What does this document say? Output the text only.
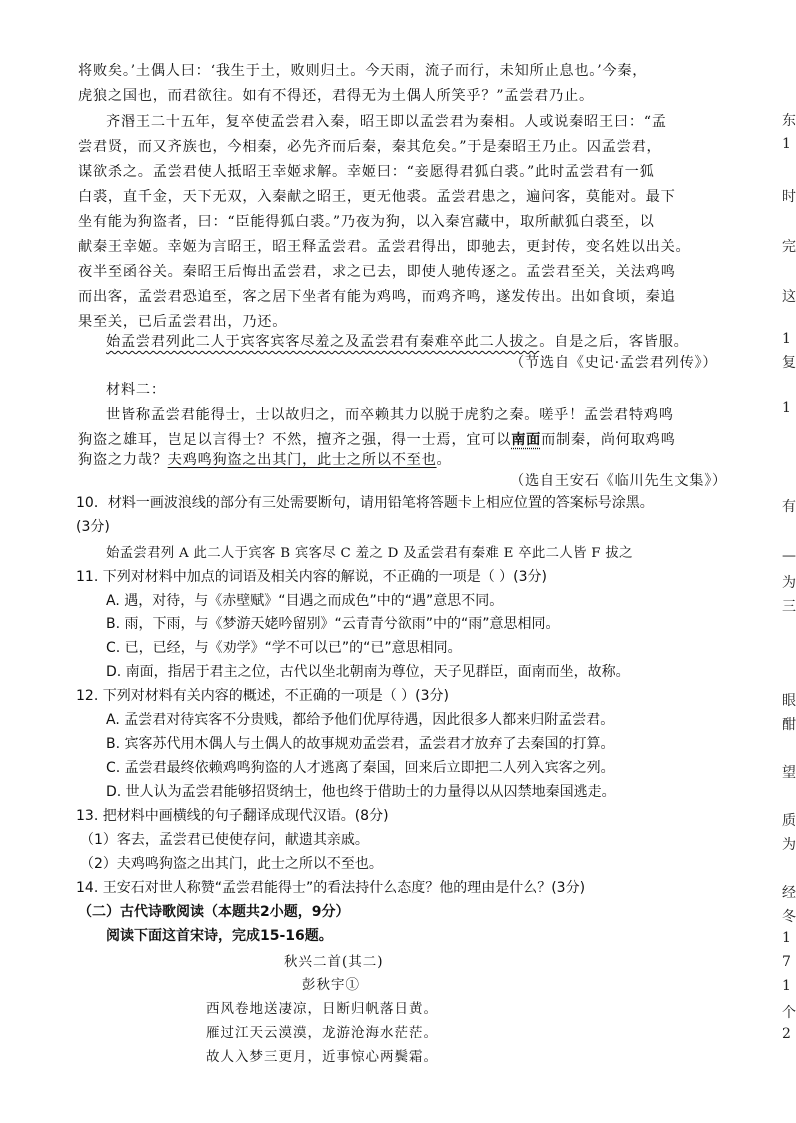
将败矣。’土偶人曰：‘我生于土，败则归土。今天雨，流子而行，未知所止息也。’今秦，
虎狼之国也，而君欲往。如有不得还，君得无为土偶人所笑乎？”孟尝君乃止。
齐湣王二十五年，复卒使孟尝君入秦，昭王即以孟尝君为秦相。人或说秦昭王曰：“孟
尝君贤，而又齐族也，今相秦，必先齐而后秦，秦其危矣。”于是秦昭王乃止。囚孟尝君，
谋欲杀之。孟尝君使人抵昭王幸姬求解。幸姬曰：“妾愿得君狐白裘。”此时孟尝君有一狐
白裘，直千金，天下无双，入秦献之昭王，更无他裘。孟尝君患之，遍问客，莫能对。最下
坐有能为狗盗者，曰：“臣能得狐白裘。”乃夜为狗，以入秦宫藏中，取所献狐白裘至，以
献秦王幸姬。幸姬为言昭王，昭王释孟尝君。孟尝君得出，即驰去，更封传，变名姓以出关。
夜半至函谷关。秦昭王后悔出孟尝君，求之已去，即使人驰传逐之。孟尝君至关，关法鸡鸣
而出客，孟尝君恐追至，客之居下坐者有能为鸡鸣，而鸡齐鸣，遂发传出。出如食顷，秦追
果至关，已后孟尝君出，乃还。
始孟尝君列此二人于宾客宾客尽羞之及孟尝君有秦难卒此二人拔之。自是之后，客皆服。
（节选自《史记·孟尝君列传》）
材料二：
世皆称孟尝君能得士，士以故归之，而卒赖其力以脱于虎豹之秦。嗟乎！孟尝君特鸡鸣
狗盗之雄耳，岂足以言得士？不然，擅齐之强，得一士焉，宜可以南面而制秦，尚何取鸡鸣
狗盗之力哉？夫鸡鸣狗盗之出其门，此士之所以不至也。
（选自王安石《临川先生文集》）
10．材料一画波浪线的部分有三处需要断句，请用铅笔将答题卡上相应位置的答案标号涂黑。
(3分)
始孟尝君列 A 此二人于宾客 B 宾客尽 C 羞之 D 及孟尝君有秦难 E 卒此二人皆 F 拔之
11. 下列对材料中加点的词语及相关内容的解说，不正确的一项是（ ）(3分)
A. 遇，对待，与《赤壁赋》“目遇之而成色”中的“遇”意思不同。
B. 雨，下雨，与《梦游天姥吟留别》“云青青兮欲雨”中的“雨”意思相同。
C. 已，已经，与《劝学》“学不可以已”的“已”意思相同。
D. 南面，指居于君主之位，古代以坐北朝南为尊位，天子见群臣，面南而坐，故称。
12. 下列对材料有关内容的概述，不正确的一项是（ ）(3分)
A. 孟尝君对待宾客不分贵贱，都给予他们优厚待遇，因此很多人都来归附孟尝君。
B. 宾客苏代用木偶人与土偶人的故事规劝孟尝君，孟尝君才放弃了去秦国的打算。
C. 孟尝君最终依赖鸡鸣狗盗的人才逃离了秦国，回来后立即把二人列入宾客之列。
D. 世人认为孟尝君能够招贤纳士，他也终于借助士的力量得以从囚禁地秦国逃走。
13. 把材料中画横线的句子翻译成现代汉语。(8分)
（1）客去，孟尝君已使使存问，献遗其亲戚。
（2）夫鸡鸣狗盗之出其门，此士之所以不至也。
14. 王安石对世人称赞“孟尝君能得士”的看法持什么态度？他的理由是什么？(3分)
（二）古代诗歌阅读（本题共2小题，9分）
阅读下面这首宋诗，完成15-16题。
秋兴二首(其二)
彭秋宇①
西风卷地送凄凉，日断归帆落日黄。
雁过江天云漠漠，龙游沧海水茫茫。
故人入梦三更月，近事惊心两鬓霜。
东
1
时
完
这
1
复
1
有
—
为
三
眼
酣
望
质
为
经
冬
1
7
1
个
2
